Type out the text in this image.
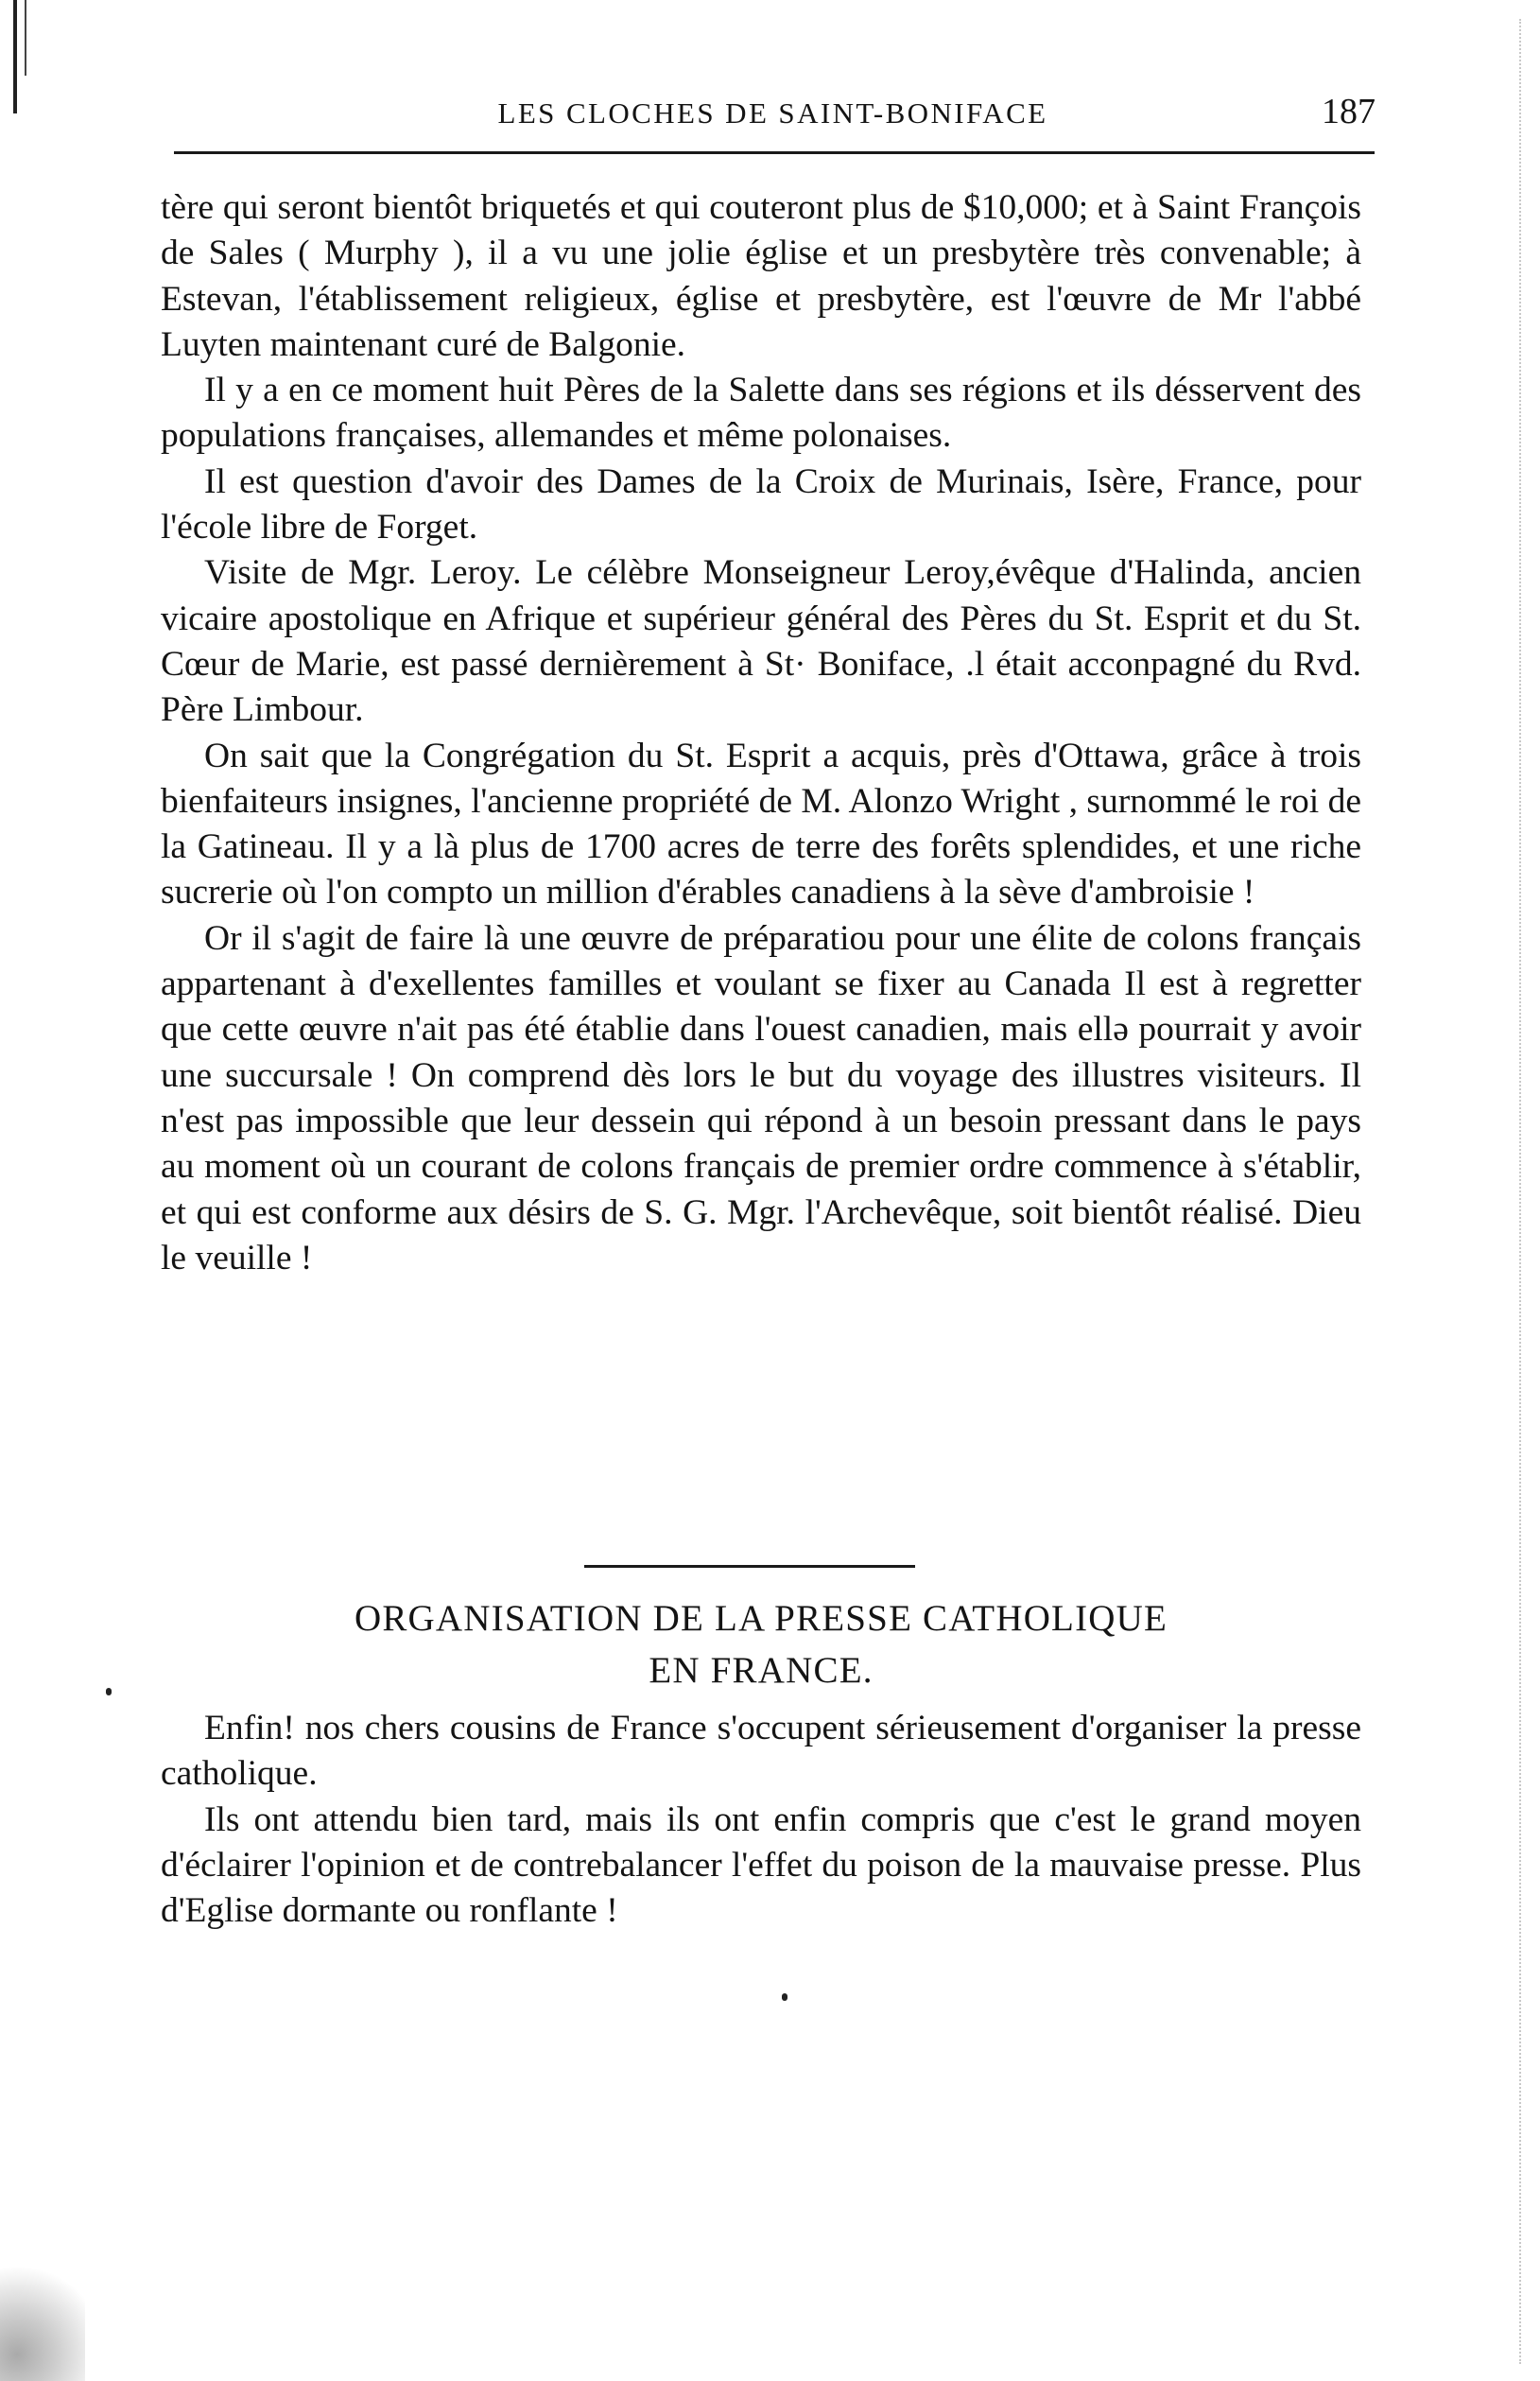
LES CLOCHES DE SAINT-BONIFACE	187

tère qui seront bientôt briquetés et qui couteront plus de $10,000; et à Saint François de Sales ( Murphy ), il a vu une jolie église et un presbytère très convenable; à Estevan, l'établissement religieux, église et presbytère, est l'œuvre de Mr l'abbé Luyten maintenant curé de Balgonie.

Il y a en ce moment huit Pères de la Salette dans ses régions et ils désservent des populations françaises, allemandes et même polonaises.

Il est question d'avoir des Dames de la Croix de Murinais, Isère, France, pour l'école libre de Forget.

Visite de Mgr. Leroy. Le célèbre Monseigneur Leroy,évêque d'Halinda, ancien vicaire apostolique en Afrique et supérieur général des Pères du St. Esprit et du St. Cœur de Marie, est passé dernièrement à St· Boniface, .l était acconpagné du Rvd. Père Limbour.

On sait que la Congrégation du St. Esprit a acquis, près d'Ottawa, grâce à trois bienfaiteurs insignes, l'ancienne propriété de M. Alonzo Wright , surnommé le roi de la Gatineau. Il y a là plus de 1700 acres de terre des forêts splendides, et une riche sucrerie où l'on compto un million d'érables canadiens à la sève d'ambroisie !

Or il s'agit de faire là une œuvre de préparatiou pour une élite de colons français appartenant à d'exellentes familles et voulant se fixer au Canada Il est à regretter que cette œuvre n'ait pas été établie dans l'ouest canadien, mais ellə pourrait y avoir une succursale ! On comprend dès lors le but du voyage des illustres visiteurs. Il n'est pas impossible que leur dessein qui répond à un besoin pressant dans le pays au moment où un courant de colons français de premier ordre commence à s'établir, et qui est conforme aux désirs de S. G. Mgr. l'Archevêque, soit bientôt réalisé. Dieu le veuille !

ORGANISATION DE LA PRESSE CATHOLIQUE
EN FRANCE.

Enfin! nos chers cousins de France s'occupent sérieusement d'organiser la presse catholique.

Ils ont attendu bien tard, mais ils ont enfin compris que c'est le grand moyen d'éclairer l'opinion et de contrebalancer l'effet du poison de la mauvaise presse. Plus d'Eglise dormante ou ronflante !
